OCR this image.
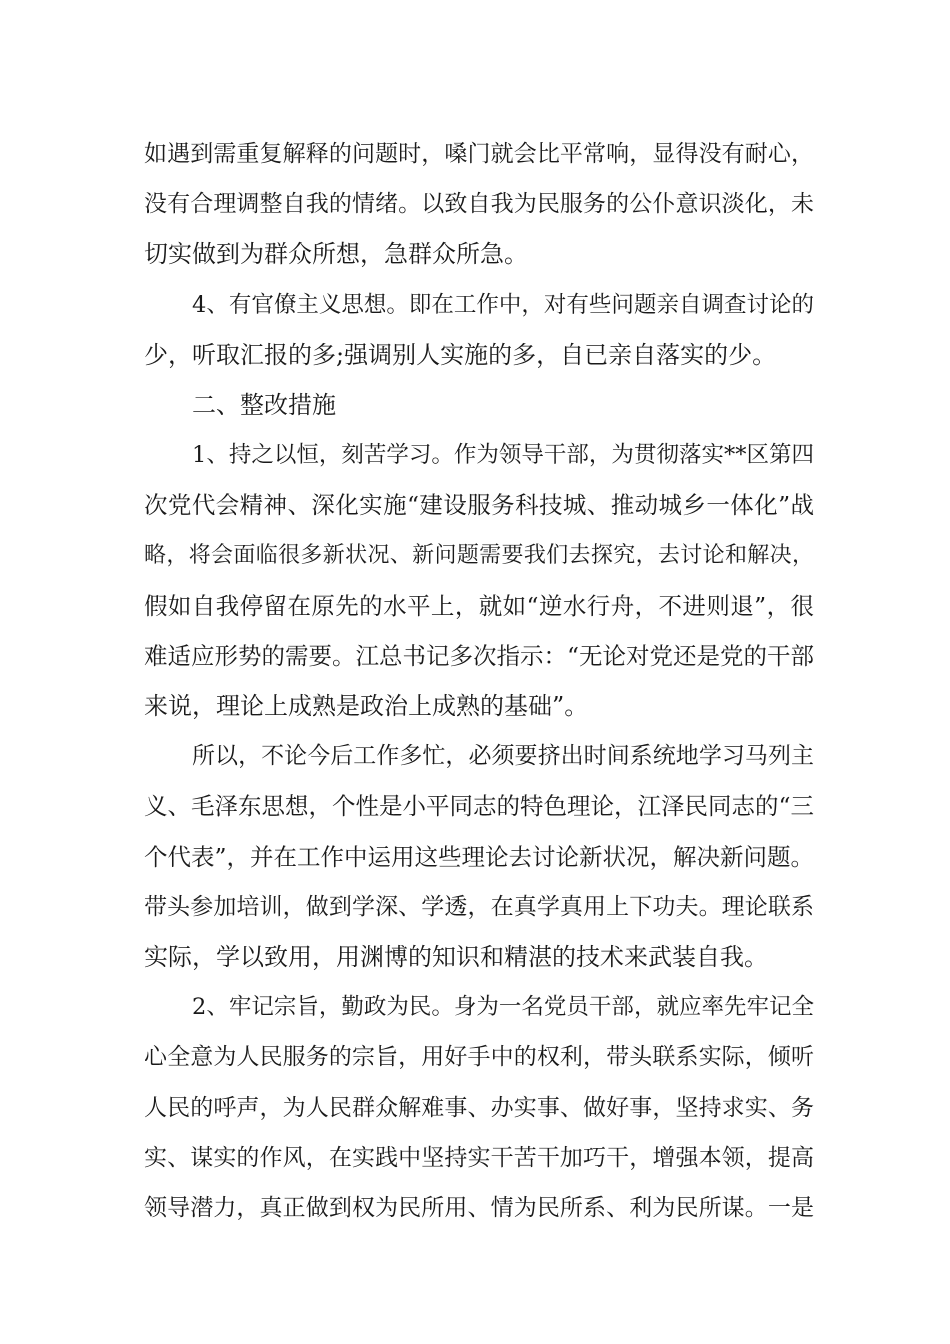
如遇到需重复解释的问题时，嗓门就会比平常响，显得没有耐心，
没有合理调整自我的情绪。以致自我为民服务的公仆意识淡化，未
切实做到为群众所想，急群众所急。
4、有官僚主义思想。即在工作中，对有些问题亲自调查讨论的
少，听取汇报的多;强调别人实施的多，自已亲自落实的少。
二、整改措施
1、持之以恒，刻苦学习。作为领导干部，为贯彻落实**区第四
次党代会精神、深化实施“建设服务科技城、推动城乡一体化”战
略，将会面临很多新状况、新问题需要我们去探究，去讨论和解决，
假如自我停留在原先的水平上，就如“逆水行舟，不进则退”，很
难适应形势的需要。江总书记多次指示：“无论对党还是党的干部
来说，理论上成熟是政治上成熟的基础”。
所以，不论今后工作多忙，必须要挤出时间系统地学习马列主
义、毛泽东思想，个性是小平同志的特色理论，江泽民同志的“三
个代表”，并在工作中运用这些理论去讨论新状况，解决新问题。
带头参加培训，做到学深、学透，在真学真用上下功夫。理论联系
实际，学以致用，用渊博的知识和精湛的技术来武装自我。
2、牢记宗旨，勤政为民。身为一名党员干部，就应率先牢记全
心全意为人民服务的宗旨，用好手中的权利，带头联系实际，倾听
人民的呼声，为人民群众解难事、办实事、做好事，坚持求实、务
实、谋实的作风，在实践中坚持实干苦干加巧干，增强本领，提高
领导潜力，真正做到权为民所用、情为民所系、利为民所谋。一是
